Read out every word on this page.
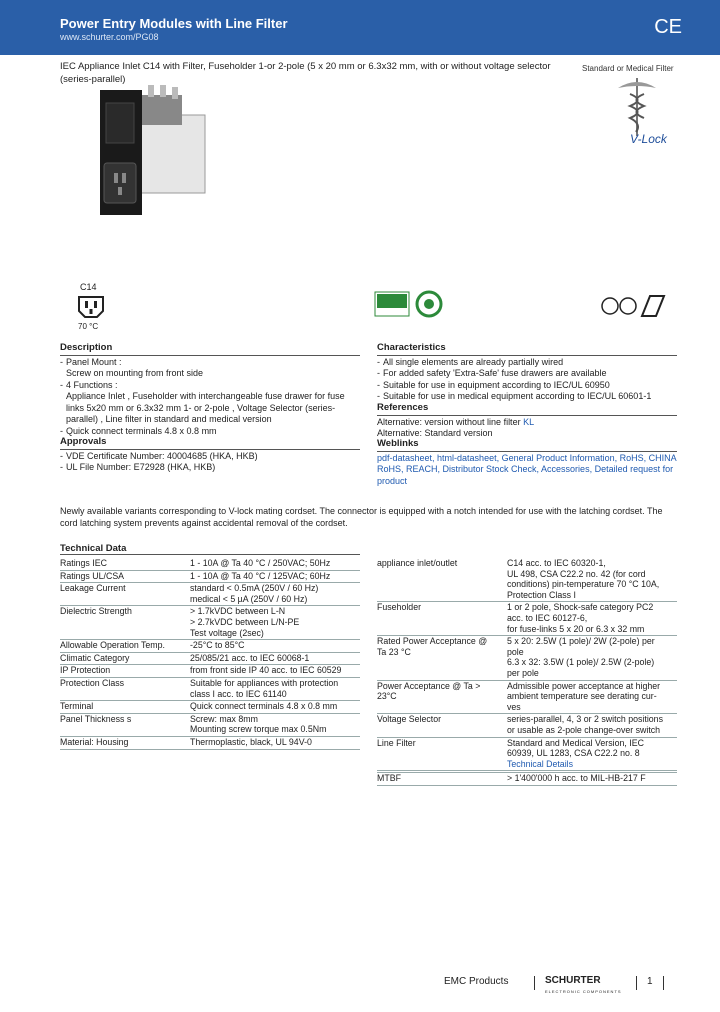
Power Entry Modules with Line Filter
www.schurter.com/PG08	CE
IEC Appliance Inlet C14 with Filter, Fuseholder 1-or 2-pole (5 x 20 mm or 6.3x32 mm, with or without voltage selector (series-parallel)
Standard or Medical Filter
V-Lock
C14
70 °C
Description
- Panel Mount :
Screw on mounting from front side
- 4 Functions :
Appliance Inlet , Fuseholder with interchangeable fuse drawer for fuse links 5x20 mm or 6.3x32 mm 1- or 2-pole , Voltage Selector (series-parallel) , Line filter in standard and medical version
- Quick connect terminals 4.8 x 0.8 mm
Approvals
- VDE Certificate Number: 40004685 (HKA, HKB)
- UL File Number: E72928 (HKA, HKB)
Characteristics
- All single elements are already partially wired
- For added safety 'Extra-Safe' fuse drawers are available
- Suitable for use in equipment according to IEC/UL 60950
- Suitable for use in medical equipment according to IEC/UL 60601-1
References
Alternative: version without line filter KL
Alternative: Standard version
Weblinks
pdf-datasheet, html-datasheet, General Product Information, RoHS, CHINA RoHS, REACH, Distributor Stock Check, Accessories, Detailed request for product
Newly available variants corresponding to V-lock mating cordset. The connector is equipped with a notch intended for use with the latching cordset. The cord latching system prevents against accidental removal of the cordset.
Technical Data
Ratings IEC	1 - 10A @ Ta 40 °C / 250VAC; 50Hz
Ratings UL/CSA	1 - 10A @ Ta 40 °C / 125VAC; 60Hz
Leakage Current	standard < 0.5mA (250V / 60 Hz)
medical < 5 µA (250V / 60 Hz)
Dielectric Strength	> 1.7kVDC between L-N
> 2.7kVDC between L/N-PE
Test voltage (2sec)
Allowable Operation Temp.	-25°C to 85°C
Climatic Category	25/085/21 acc. to IEC 60068-1
IP Protection	from front side IP 40 acc. to IEC 60529
Protection Class	Suitable for appliances with protection class I acc. to IEC 61140
Terminal	Quick connect terminals 4.8 x 0.8 mm
Panel Thickness s	Screw: max 8mm
Mounting screw torque max 0.5Nm
Material: Housing	Thermoplastic, black, UL 94V-0
appliance inlet/outlet	C14 acc. to IEC 60320-1,
UL 498, CSA C22.2 no. 42 (for cord
conditions) pin-temperature 70 °C 10A,
Protection Class I
Fuseholder	1 or 2 pole, Shock-safe category PC2
acc. to IEC 60127-6,
for fuse-links 5 x 20 or 6.3 x 32 mm
Rated Power Acceptance @
Ta 23 °C	5 x 20: 2.5W (1 pole)/ 2W (2-pole) per
pole
6.3 x 32: 3.5W (1 pole)/ 2.5W (2-pole)
per pole
Power Acceptance @ Ta >
23°C	Admissible power acceptance at higher
ambient temperature see derating cur-
ves
Voltage Selector	series-parallel, 4, 3 or 2 switch positions
or usable as 2-pole change-over switch
Line Filter	Standard and Medical Version, IEC
60939, UL 1283, CSA C22.2 no. 8
Technical Details

MTBF	> 1'400'000 h acc. to MIL-HB-217 F
EMC Products	SCHURTER
ELECTRONIC COMPONENTS
1
